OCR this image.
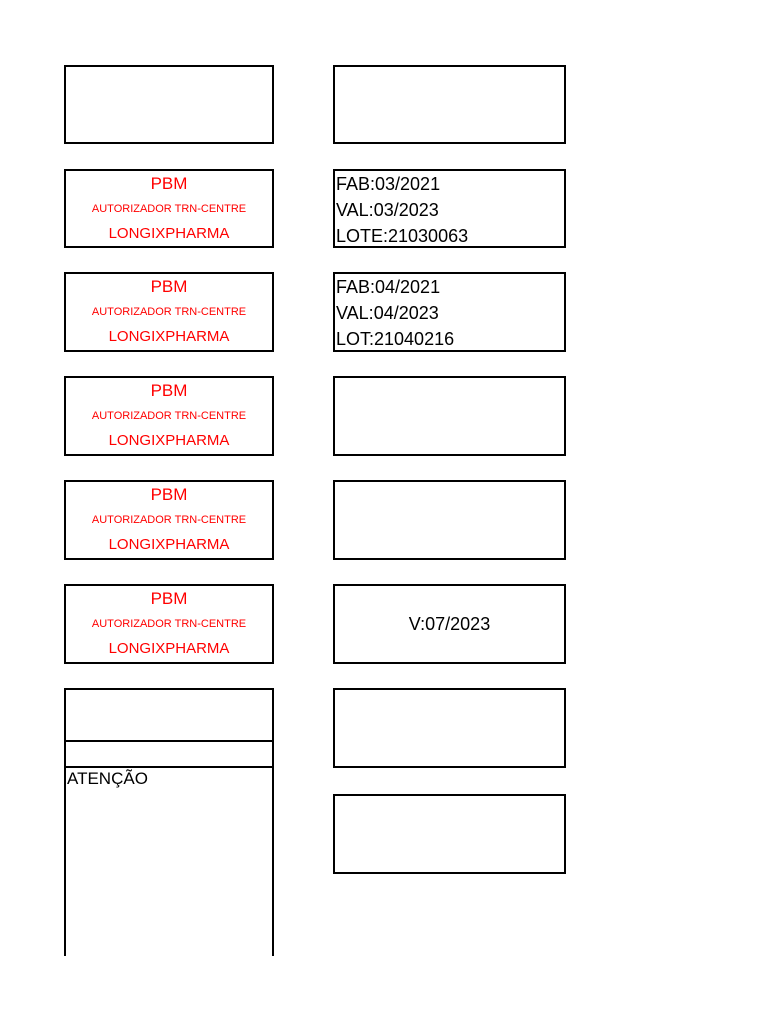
PBM
AUTORIZADOR TRN-CENTRE
LONGIXPHARMA
FAB:03/2021
VAL:03/2023
LOTE:21030063
PBM
AUTORIZADOR TRN-CENTRE
LONGIXPHARMA
FAB:04/2021
VAL:04/2023
LOT:21040216
PBM
AUTORIZADOR TRN-CENTRE
LONGIXPHARMA
PBM
AUTORIZADOR TRN-CENTRE
LONGIXPHARMA
PBM
AUTORIZADOR TRN-CENTRE
LONGIXPHARMA
V:07/2023
ATENÇÃO
